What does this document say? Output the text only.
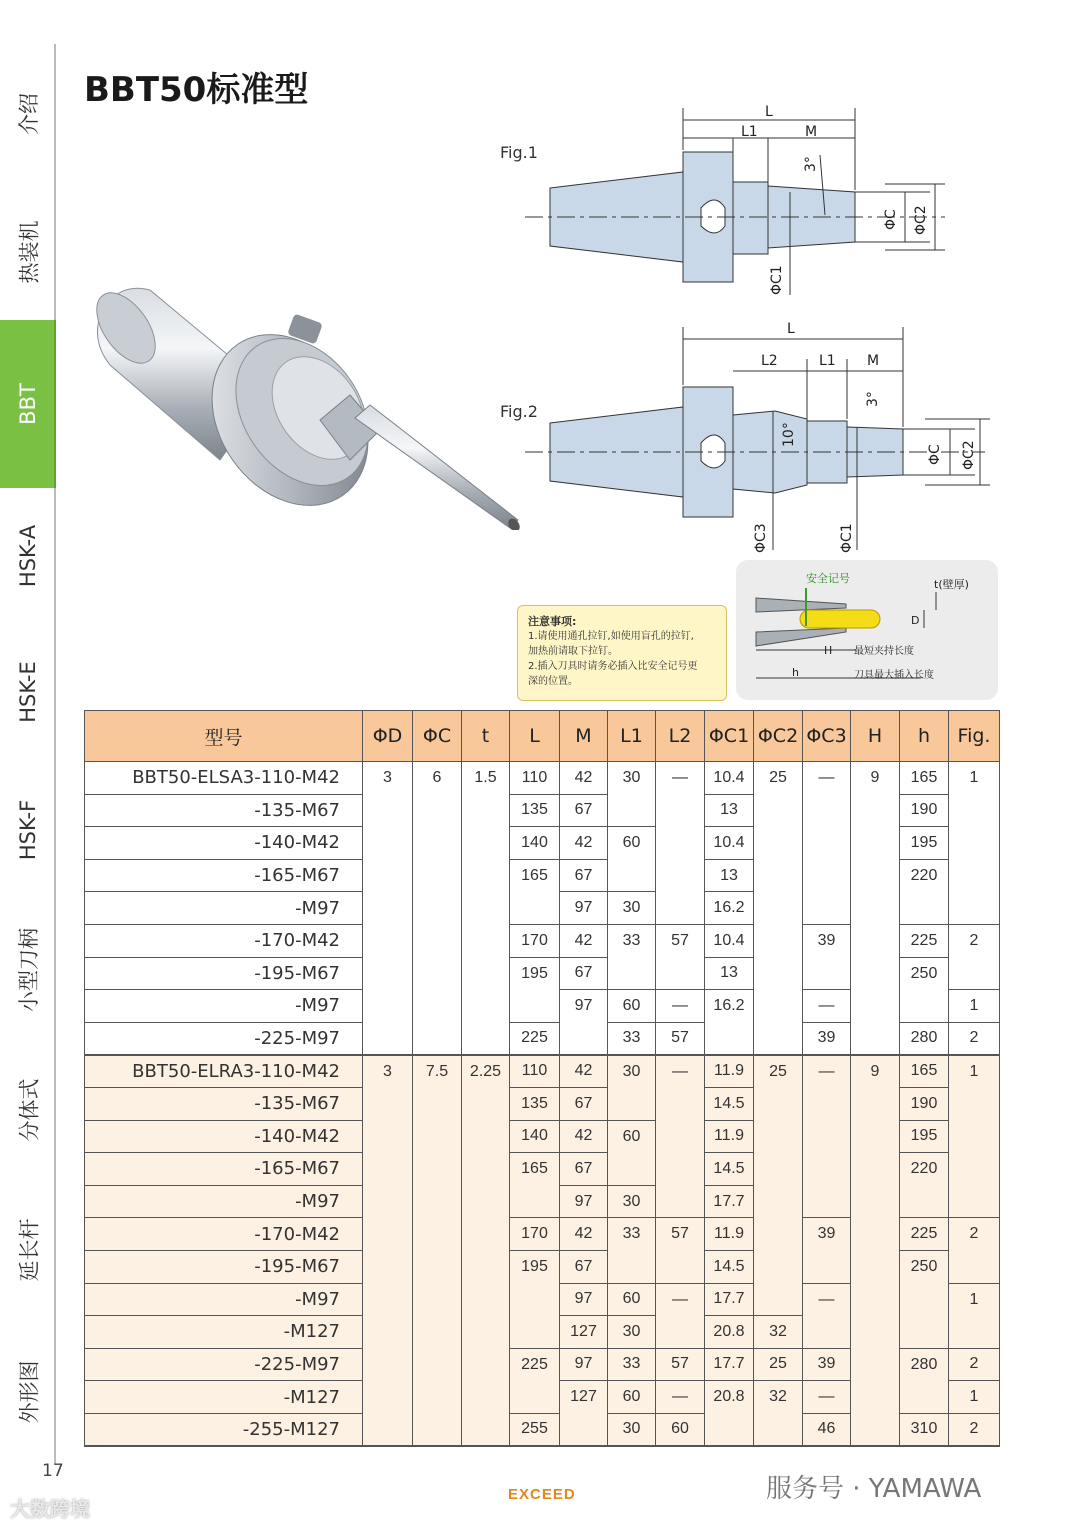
介绍
热装机
BBT
HSK-A
HSK-E
HSK-F
小型刀柄
分体式
延长杆
外形图
BBT50标准型
Fig.1
L
L1	M
3°
ΦC ΦC2
ΦC1
Fig.2
L
L2	L1 M
3°
10°
ΦC ΦC2
ΦC3	ΦC1
注意事项:
1.请使用通孔拉钉,如使用盲孔的拉钉,
加热前请取下拉钉。
2.插入刀具时请务必插入比安全记号更
深的位置。
安全记号	t(壁厚)
D
H 最短夹持长度
h	刀具最大插入长度
型号	ΦD	ΦC	t	L	M	L1	L2	ΦC1	ΦC2	ΦC3	H	h	Fig.
BBT50-ELSA3-110-M42	3	6	1.5	110	42	30	—	10.4	25	—	9	165	1
-135-M67				135	67			13				190	
-140-M42				140	42	60		10.4				195	
-165-M67				165	67			13				220	
-M97					97	30		16.2					
-170-M42				170	42	33	57	10.4		39		225	2
-195-M67				195	67			13				250	
-M97					97	60	—	16.2		—			1
-225-M97				225		33	57			39		280	2
BBT50-ELRA3-110-M42	3	7.5	2.25	110	42	30	—	11.9	25	—	9	165	1
-135-M67				135	67			14.5				190	
-140-M42				140	42	60		11.9				195	
-165-M67				165	67			14.5				220	
-M97					97	30		17.7					
-170-M42				170	42	33	57	11.9		39		225	2
-195-M67				195	67			14.5				250	
-M97					97	60	—	17.7		—			1
-M127					127	30		20.8	32				
-225-M97				225	97	33	57	17.7	25	39		280	2
-M127					127	60	—	20.8	32	—			1
-255-M127				255		30	60			46		310	2
17
EXCEED
大数跨境
服务号 · YAMAWA
